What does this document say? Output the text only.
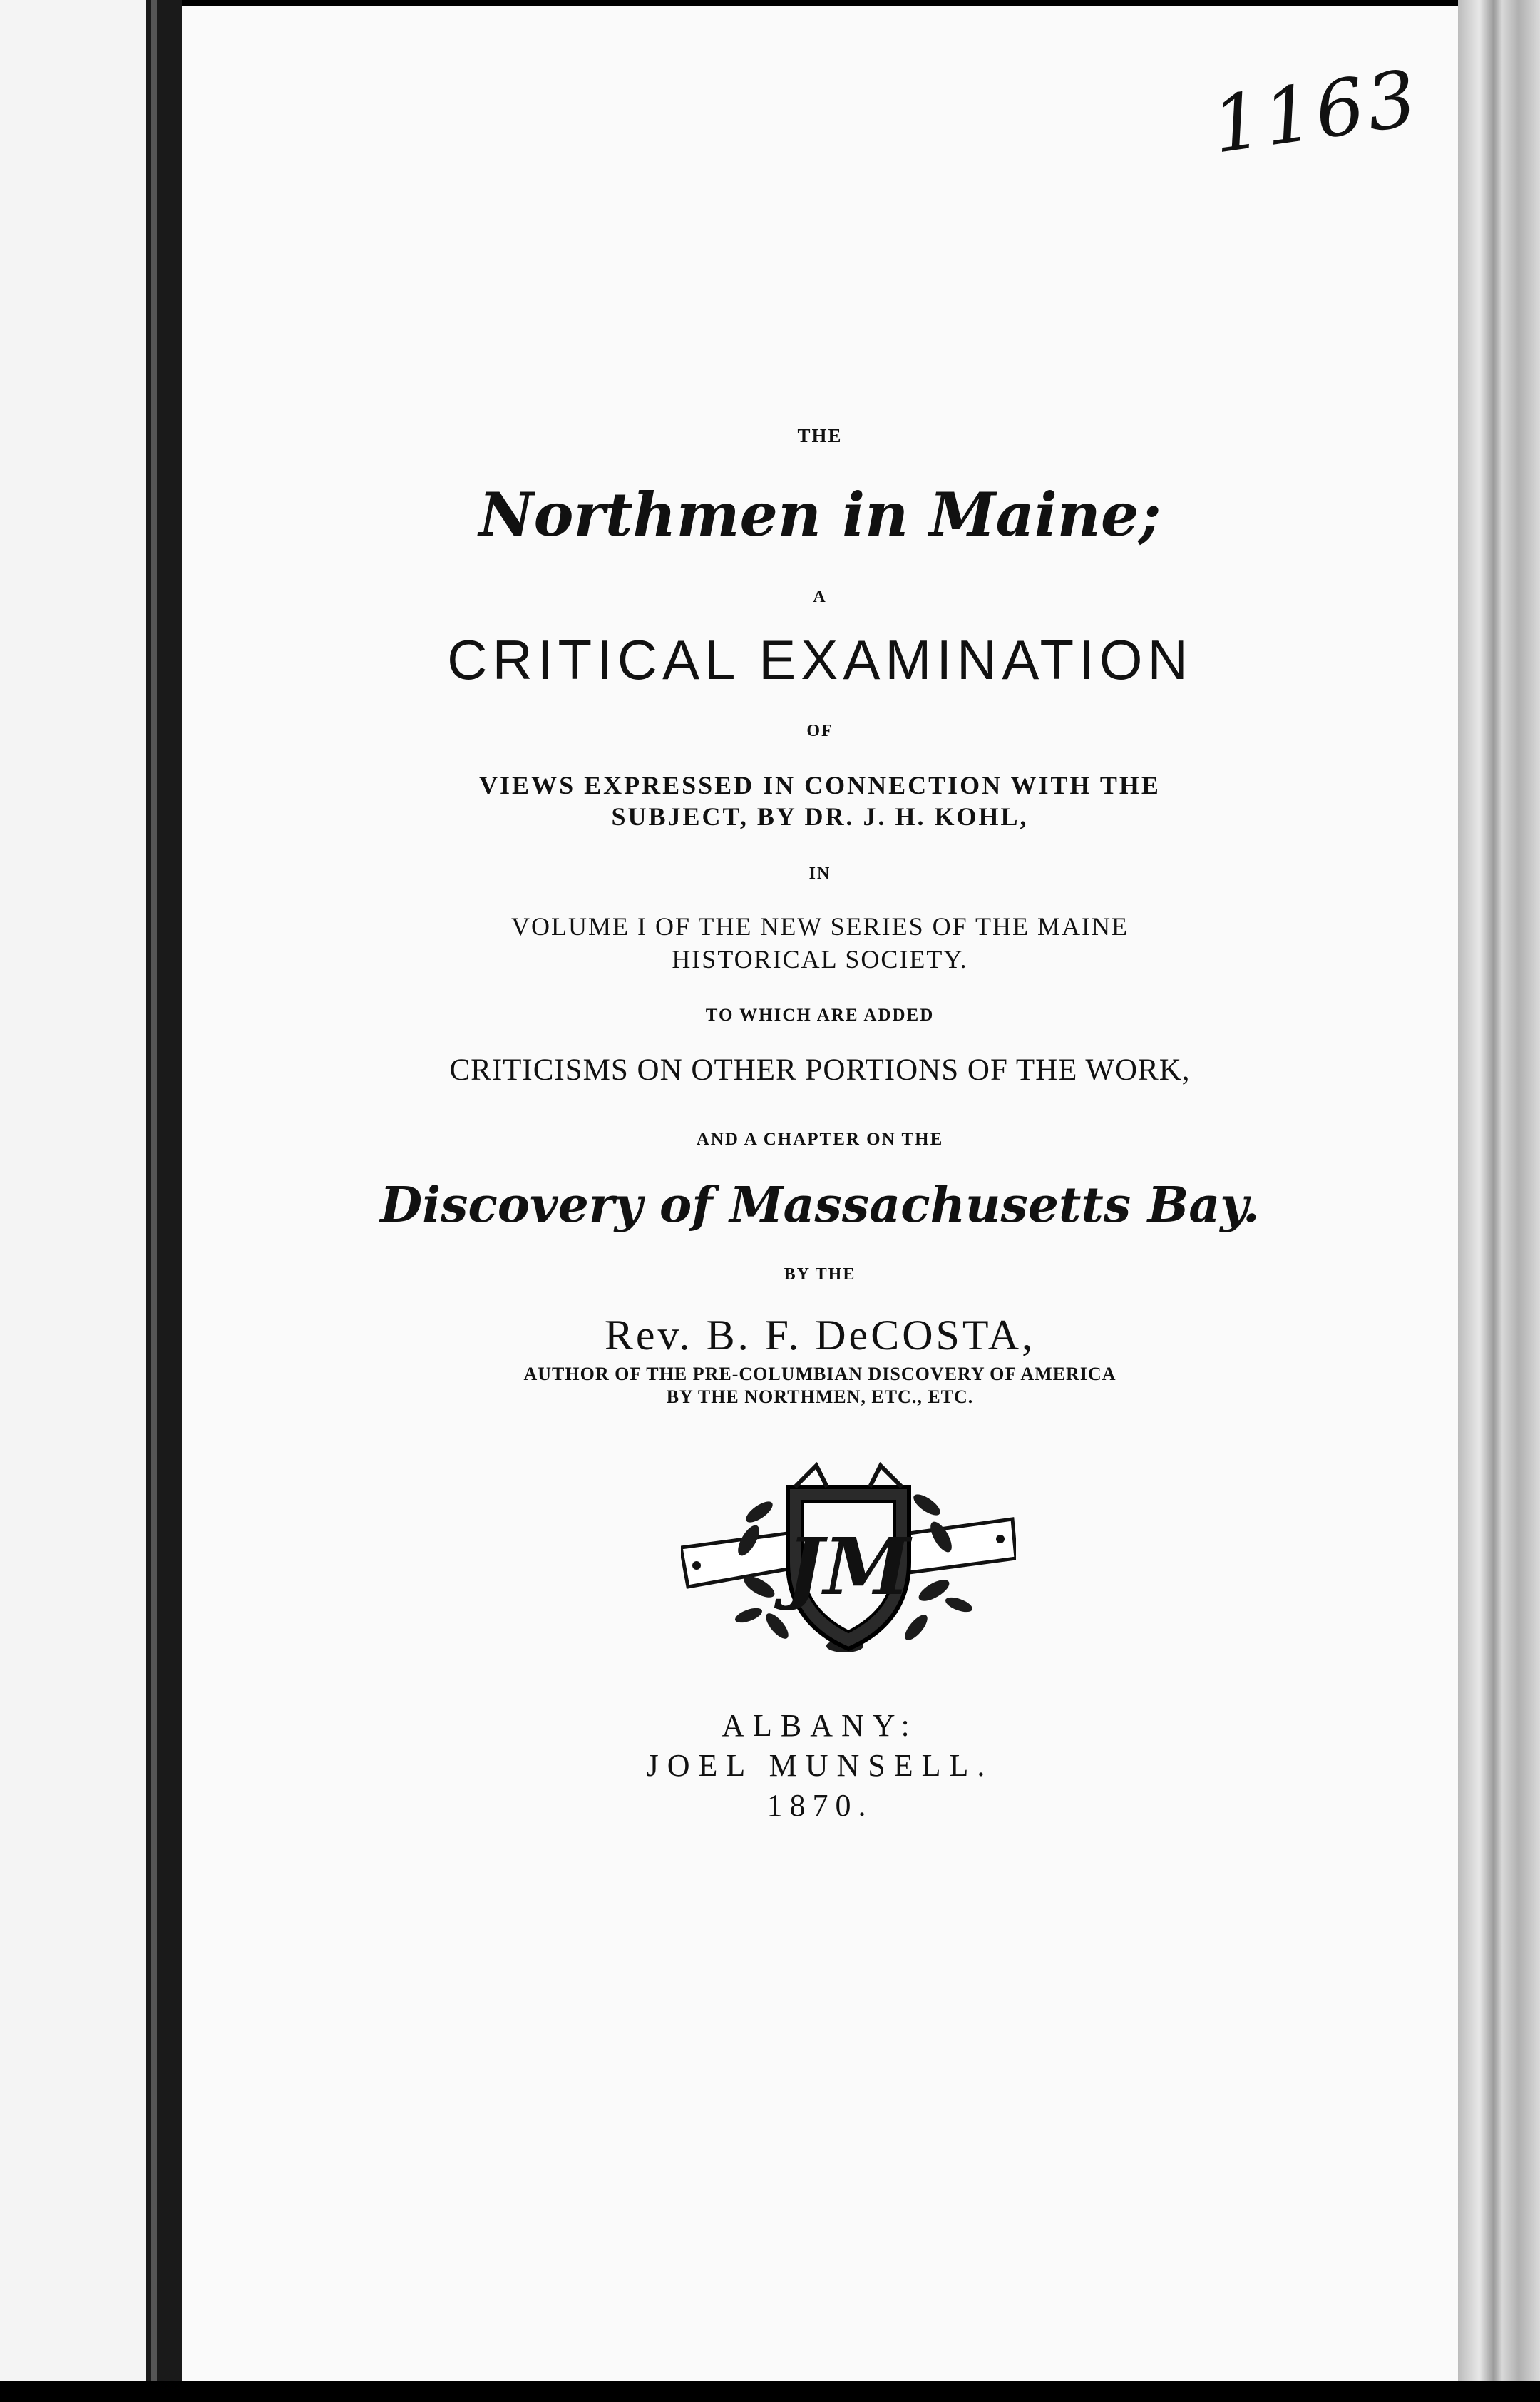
1163
THE
Northmen in Maine;
A
CRITICAL EXAMINATION
OF
VIEWS EXPRESSED IN CONNECTION WITH THE
SUBJECT, BY DR. J. H. KOHL,
IN
VOLUME I OF THE NEW SERIES OF THE MAINE
HISTORICAL SOCIETY.
TO WHICH ARE ADDED
CRITICISMS ON OTHER PORTIONS OF THE WORK,
AND A CHAPTER ON THE
Discovery of Massachusetts Bay.
BY THE
Rev. B. F. DeCOSTA,
AUTHOR OF THE PRE-COLUMBIAN DISCOVERY OF AMERICA
BY THE NORTHMEN, ETC., ETC.
JM
ALBANY:
JOEL MUNSELL.
1870.
